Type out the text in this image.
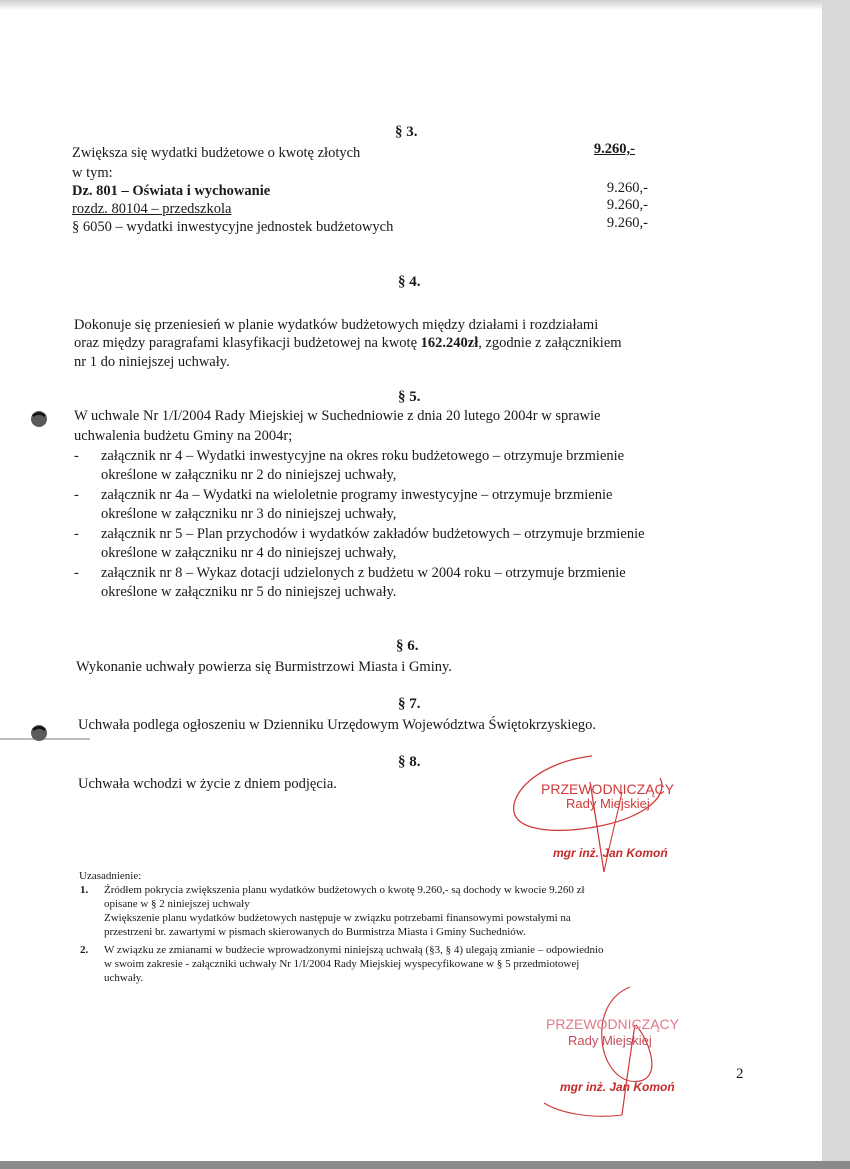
§ 3.
Zwiększa się wydatki budżetowe o kwotę złotych	9.260,-
w tym:
Dz. 801 – Oświata i wychowanie	9.260,-
rozdz. 80104 – przedszkola	9.260,-
§ 6050 – wydatki inwestycyjne jednostek budżetowych	9.260,-
§ 4.
Dokonuje się przeniesień w planie wydatków budżetowych między działami i rozdziałami
oraz między paragrafami klasyfikacji budżetowej na kwotę 162.240zł, zgodnie z załącznikiem
nr 1 do niniejszej uchwały.
§ 5.
W uchwale Nr 1/I/2004 Rady Miejskiej w Suchedniowie z dnia 20 lutego 2004r w sprawie
uchwalenia budżetu Gminy na 2004r;
- załącznik nr 4 – Wydatki inwestycyjne na okres roku budżetowego – otrzymuje brzmienie
określone w załączniku nr 2 do niniejszej uchwały,
- załącznik nr 4a – Wydatki na wieloletnie programy inwestycyjne – otrzymuje brzmienie
określone w załączniku nr 3 do niniejszej uchwały,
- załącznik nr 5 – Plan przychodów i wydatków zakładów budżetowych – otrzymuje brzmienie
określone w załączniku nr 4 do niniejszej uchwały,
- załącznik nr 8 – Wykaz dotacji udzielonych z budżetu w 2004 roku – otrzymuje brzmienie
określone w załączniku nr 5 do niniejszej uchwały.
§ 6.
Wykonanie uchwały powierza się Burmistrzowi Miasta i Gminy.
§ 7.
Uchwała podlega ogłoszeniu w Dzienniku Urzędowym Województwa Świętokrzyskiego.
§ 8.
Uchwała wchodzi w życie z dniem podjęcia.	PRZEWODNICZĄCY
Rady Miejskiej
mgr inż. Jan Komoń
Uzasadnienie:
1. Źródłem pokrycia zwiększenia planu wydatków budżetowych o kwotę 9.260,- są dochody w kwocie 9.260 zł
opisane w § 2 niniejszej uchwały
Zwiększenie planu wydatków budżetowych następuje w związku potrzebami finansowymi powstałymi na
przestrzeni br. zawartymi w pismach skierowanych do Burmistrza Miasta i Gminy Suchedniów.
2. W związku ze zmianami w budżecie wprowadzonymi niniejszą uchwałą (§3, § 4) ulegają zmianie – odpowiednio
w swoim zakresie - załączniki uchwały Nr 1/I/2004 Rady Miejskiej wyspecyfikowane w § 5 przedmiotowej
uchwały.
PRZEWODNICZĄCY
Rady Miejskiej
mgr inż. Jan Komoń
2
